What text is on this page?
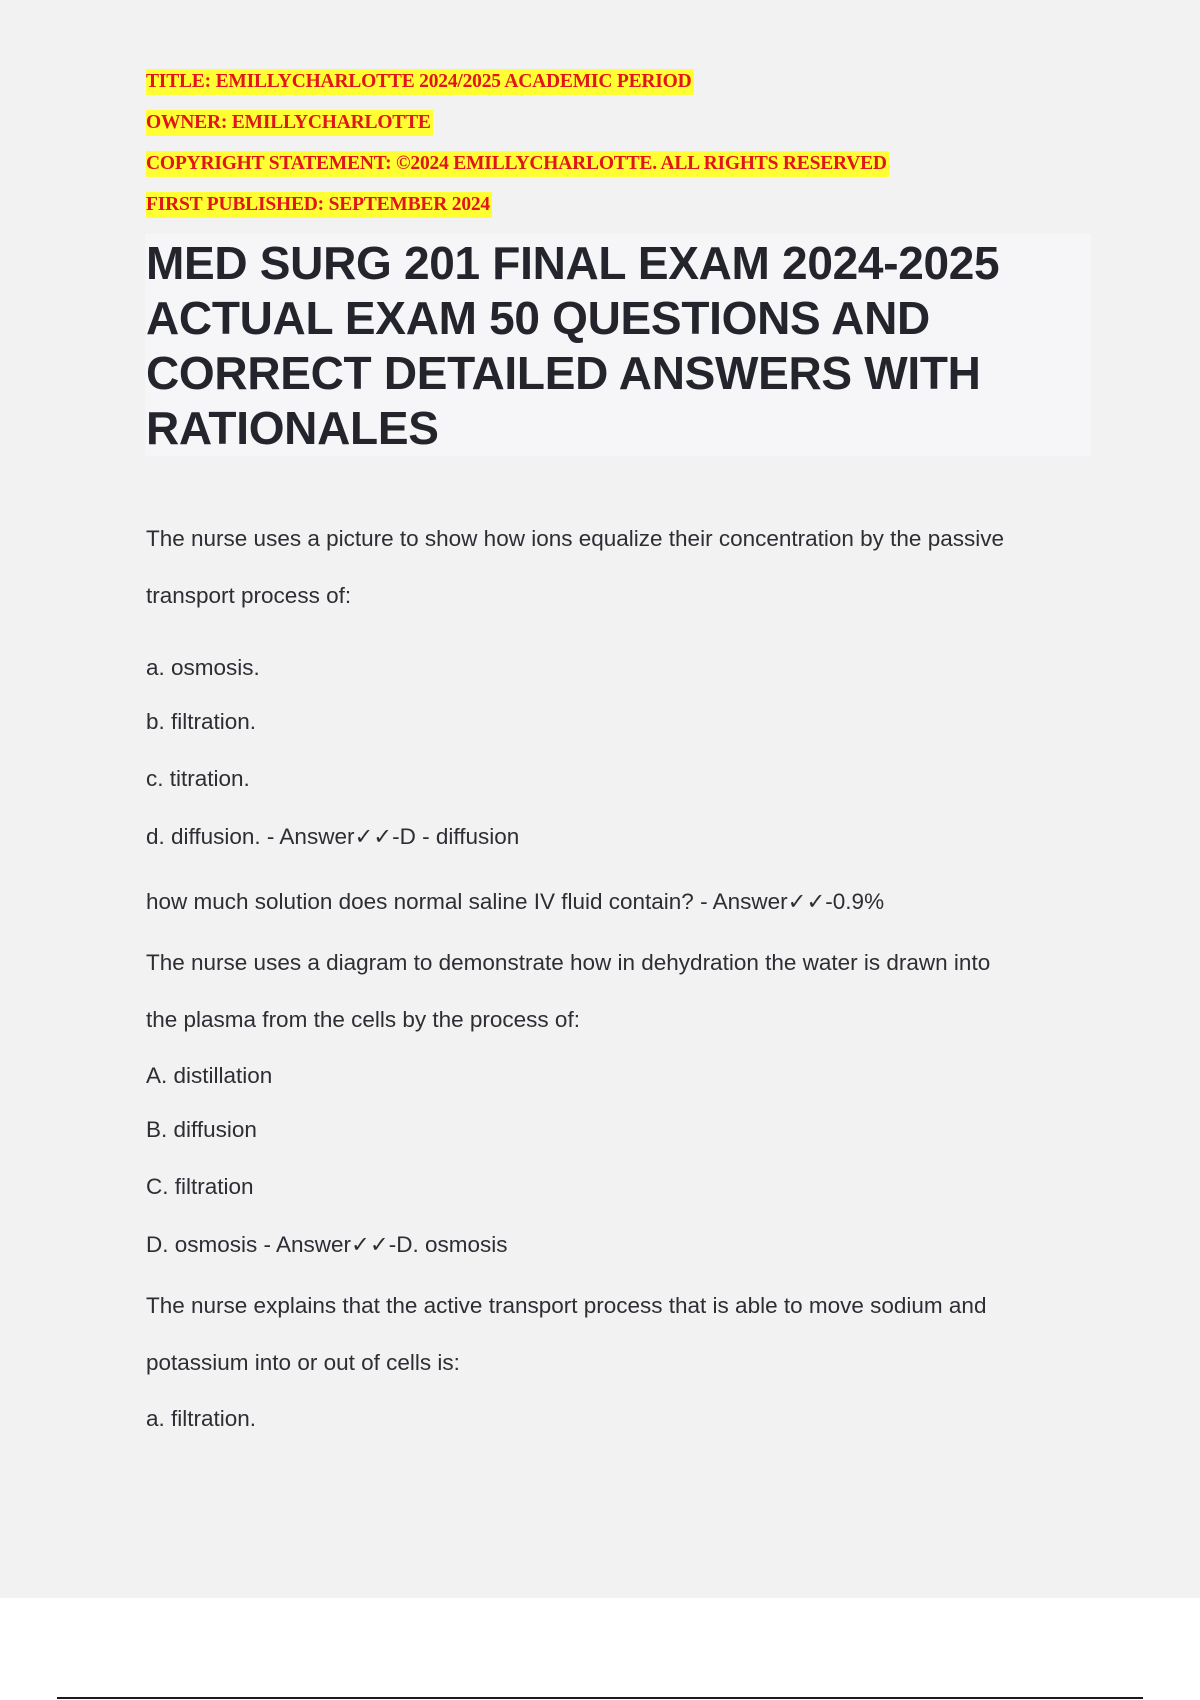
TITLE: EMILLYCHARLOTTE 2024/2025 ACADEMIC PERIOD
OWNER: EMILLYCHARLOTTE
COPYRIGHT STATEMENT: ©2024 EMILLYCHARLOTTE. ALL RIGHTS RESERVED
FIRST PUBLISHED: SEPTEMBER 2024
MED SURG 201 FINAL EXAM 2024-2025 ACTUAL EXAM 50 QUESTIONS AND CORRECT DETAILED ANSWERS WITH RATIONALES
The nurse uses a picture to show how ions equalize their concentration by the passive
transport process of:
a. osmosis.
b. filtration.
c. titration.
d. diffusion. - Answer✓✓-D - diffusion
how much solution does normal saline IV fluid contain? - Answer✓✓-0.9%
The nurse uses a diagram to demonstrate how in dehydration the water is drawn into
the plasma from the cells by the process of:
A. distillation
B. diffusion
C. filtration
D. osmosis - Answer✓✓-D. osmosis
The nurse explains that the active transport process that is able to move sodium and
potassium into or out of cells is:
a. filtration.
